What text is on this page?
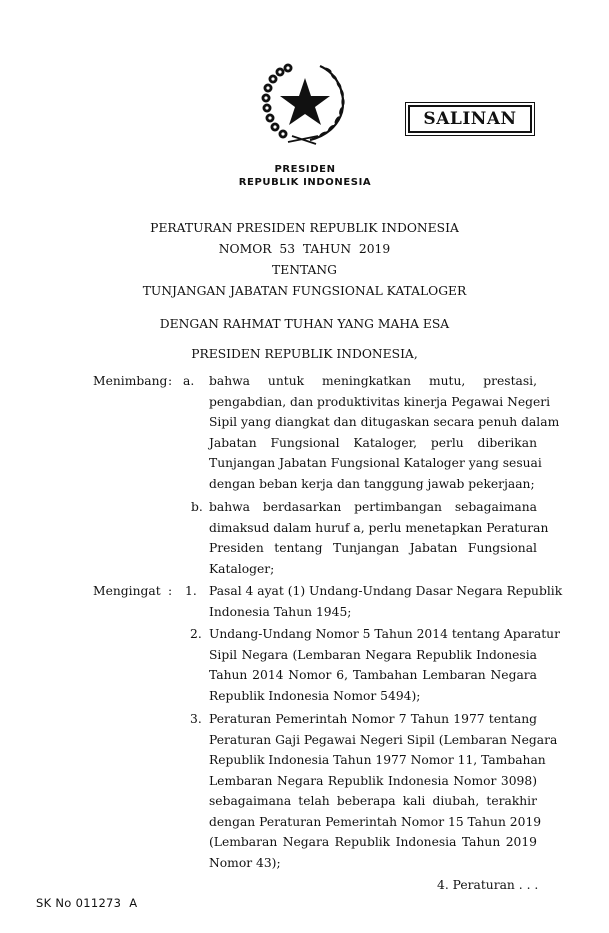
SALINAN
PRESIDEN
REPUBLIK INDONESIA
PERATURAN PRESIDEN REPUBLIK INDONESIA
NOMOR  53  TAHUN  2019
TENTANG
TUNJANGAN JABATAN FUNGSIONAL KATALOGER
DENGAN RAHMAT TUHAN YANG MAHA ESA
PRESIDEN REPUBLIK INDONESIA,
Menimbang : a. bahwa untuk meningkatkan mutu, prestasi,
pengabdian, dan produktivitas kinerja Pegawai Negeri
Sipil yang diangkat dan ditugaskan secara penuh dalam
Jabatan Fungsional Kataloger, perlu diberikan
Tunjangan Jabatan Fungsional Kataloger yang sesuai
dengan beban kerja dan tanggung jawab pekerjaan;
b. bahwa berdasarkan pertimbangan sebagaimana
dimaksud dalam huruf a, perlu menetapkan Peraturan
Presiden tentang Tunjangan Jabatan Fungsional
Kataloger;
Mengingat : 1. Pasal 4 ayat (1) Undang-Undang Dasar Negara Republik
Indonesia Tahun 1945;
2. Undang-Undang Nomor 5 Tahun 2014 tentang Aparatur
Sipil Negara (Lembaran Negara Republik Indonesia
Tahun 2014 Nomor 6, Tambahan Lembaran Negara
Republik Indonesia Nomor 5494);
3. Peraturan Pemerintah Nomor 7 Tahun 1977 tentang
Peraturan Gaji Pegawai Negeri Sipil (Lembaran Negara
Republik Indonesia Tahun 1977 Nomor 11, Tambahan
Lembaran Negara Republik Indonesia Nomor 3098)
sebagaimana telah beberapa kali diubah, terakhir
dengan Peraturan Pemerintah Nomor 15 Tahun 2019
(Lembaran Negara Republik Indonesia Tahun 2019
Nomor 43);
4. Peraturan . . .
SK No 011273  A
